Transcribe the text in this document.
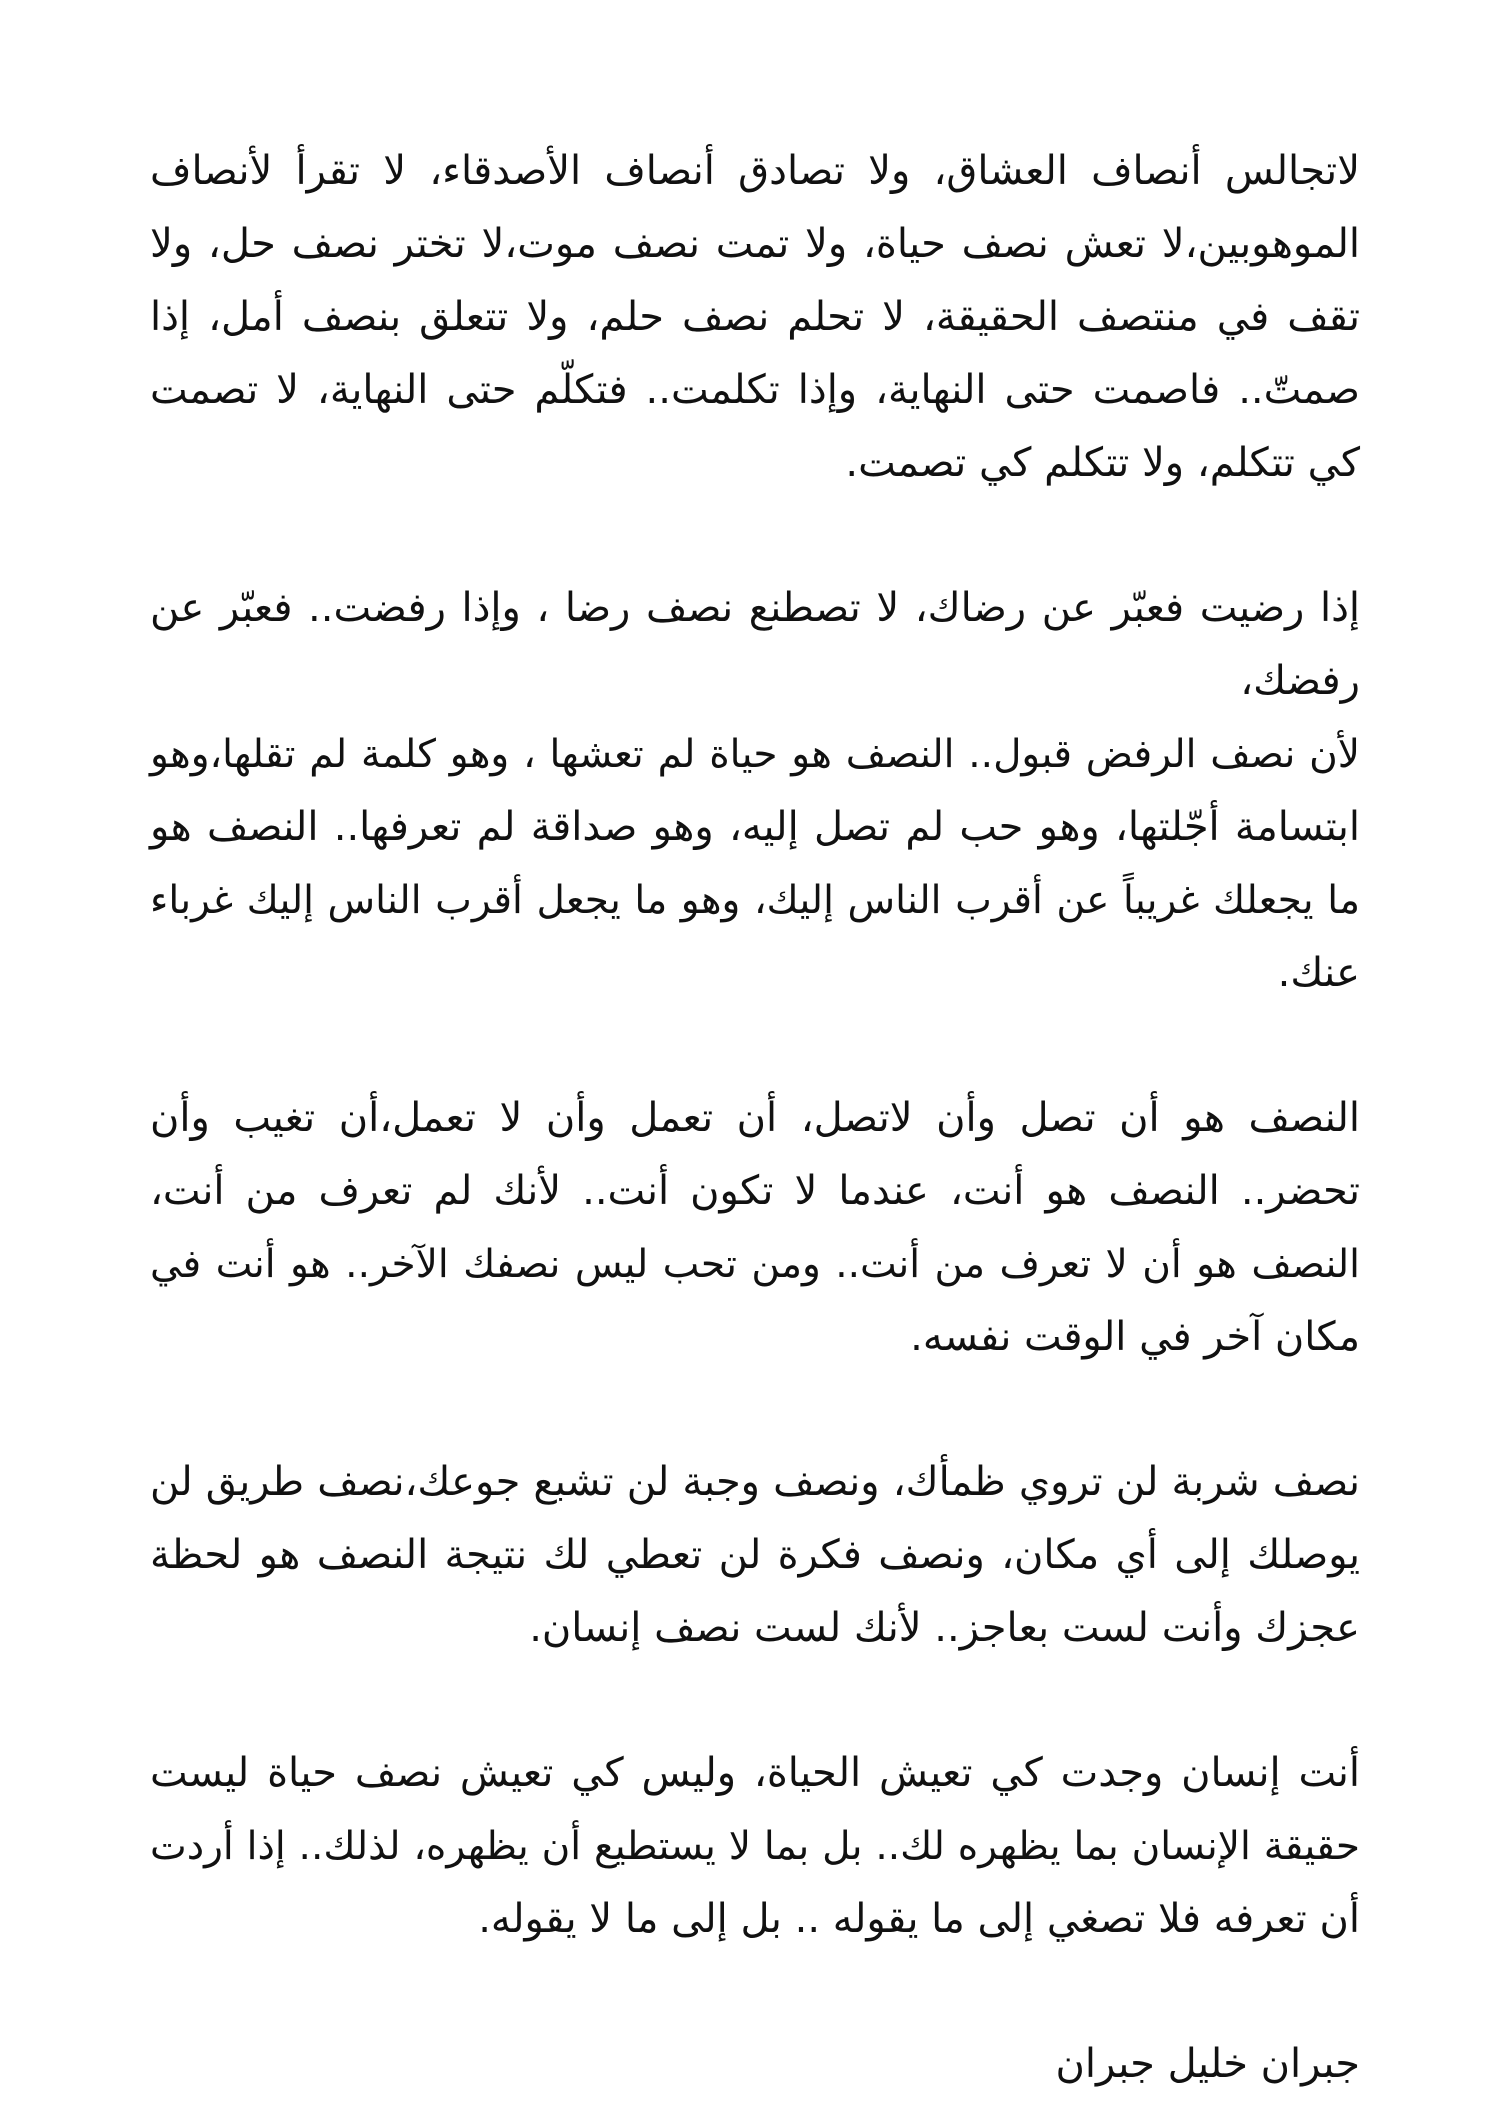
لاتجالس أنصاف العشاق، ولا تصادق أنصاف الأصدقاء، لا تقرأ لأنصاف
الموهوبين،لا تعش نصف حياة، ولا تمت نصف موت،لا تختر نصف حل، ولا
تقف في منتصف الحقيقة، لا تحلم نصف حلم، ولا تتعلق بنصف أمل، إذا
صمتّ.. فاصمت حتى النهاية، وإذا تكلمت.. فتكلّم حتى النهاية، لا تصمت
كي تتكلم، ولا تتكلم كي تصمت.

إذا رضيت فعبّر عن رضاك، لا تصطنع نصف رضا ، وإذا رفضت.. فعبّر عن
رفضك،
لأن نصف الرفض قبول.. النصف هو حياة لم تعشها ، وهو كلمة لم تقلها،وهو
ابتسامة أجّلتها، وهو حب لم تصل إليه، وهو صداقة لم تعرفها.. النصف هو
ما يجعلك غريباً عن أقرب الناس إليك، وهو ما يجعل أقرب الناس إليك غرباء
عنك.

النصف هو أن تصل وأن لاتصل، أن تعمل وأن لا تعمل،أن تغيب وأن
تحضر.. النصف هو أنت، عندما لا تكون أنت.. لأنك لم تعرف من أنت،
النصف هو أن لا تعرف من أنت.. ومن تحب ليس نصفك الآخر.. هو أنت في
مكان آخر في الوقت نفسه.

نصف شربة لن تروي ظمأك، ونصف وجبة لن تشبع جوعك،نصف طريق لن
يوصلك إلى أي مكان، ونصف فكرة لن تعطي لك نتيجة النصف هو لحظة
عجزك وأنت لست بعاجز.. لأنك لست نصف إنسان.

أنت إنسان وجدت كي تعيش الحياة، وليس كي تعيش نصف حياة ليست
حقيقة الإنسان بما يظهره لك.. بل بما لا يستطيع أن يظهره، لذلك.. إذا أردت
أن تعرفه فلا تصغي إلى ما يقوله .. بل إلى ما لا يقوله.

جبران خليل جبران
